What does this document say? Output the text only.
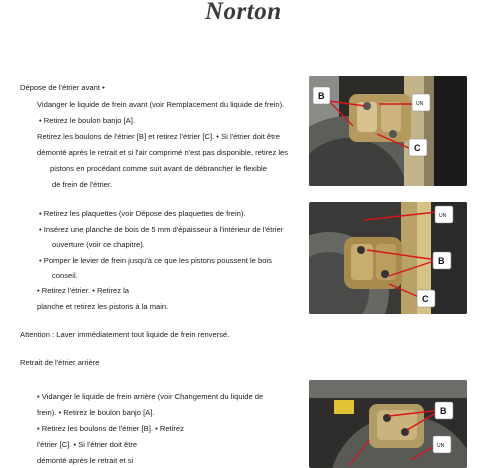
Norton
Dépose de l'étrier avant •
Vidanger le liquide de frein avant (voir Remplacement du liquide de frein).
• Retirez le boulon banjo [A].
Retirez les boulons de l'étrier [B] et retirez l'étrier [C]. • Si l'étrier doit être
démonté après le retrait et si l'air comprimé n'est pas disponible, retirez les
pistons en procédant comme suit avant de débrancher le flexible
de frein de l'étrier.
• Retirez les plaquettes (voir Dépose des plaquettes de frein).
• Insérez une planche de bois de 5 mm d'épaisseur à l'intérieur de l'étrier
ouverture (voir ce chapitre).
• Pomper le levier de frein jusqu'à ce que les pistons poussent le bois
conseil.
• Retirez l'étrier. • Retirez la
planche et retirez les pistons à la main.
Attention : Laver immédiatement tout liquide de frein renversé.
Retrait de l'étrier arrière
• Vidanger le liquide de frein arrière (voir Changement du liquide de
frein). • Retirez le boulon banjo [A].
• Retirez les boulons de l'étrier [B]. • Retirez
l'étrier [C]. • Si l'étrier doit être
démonté après le retrait et si
B
UN
C
UN
B
C
B
UN
